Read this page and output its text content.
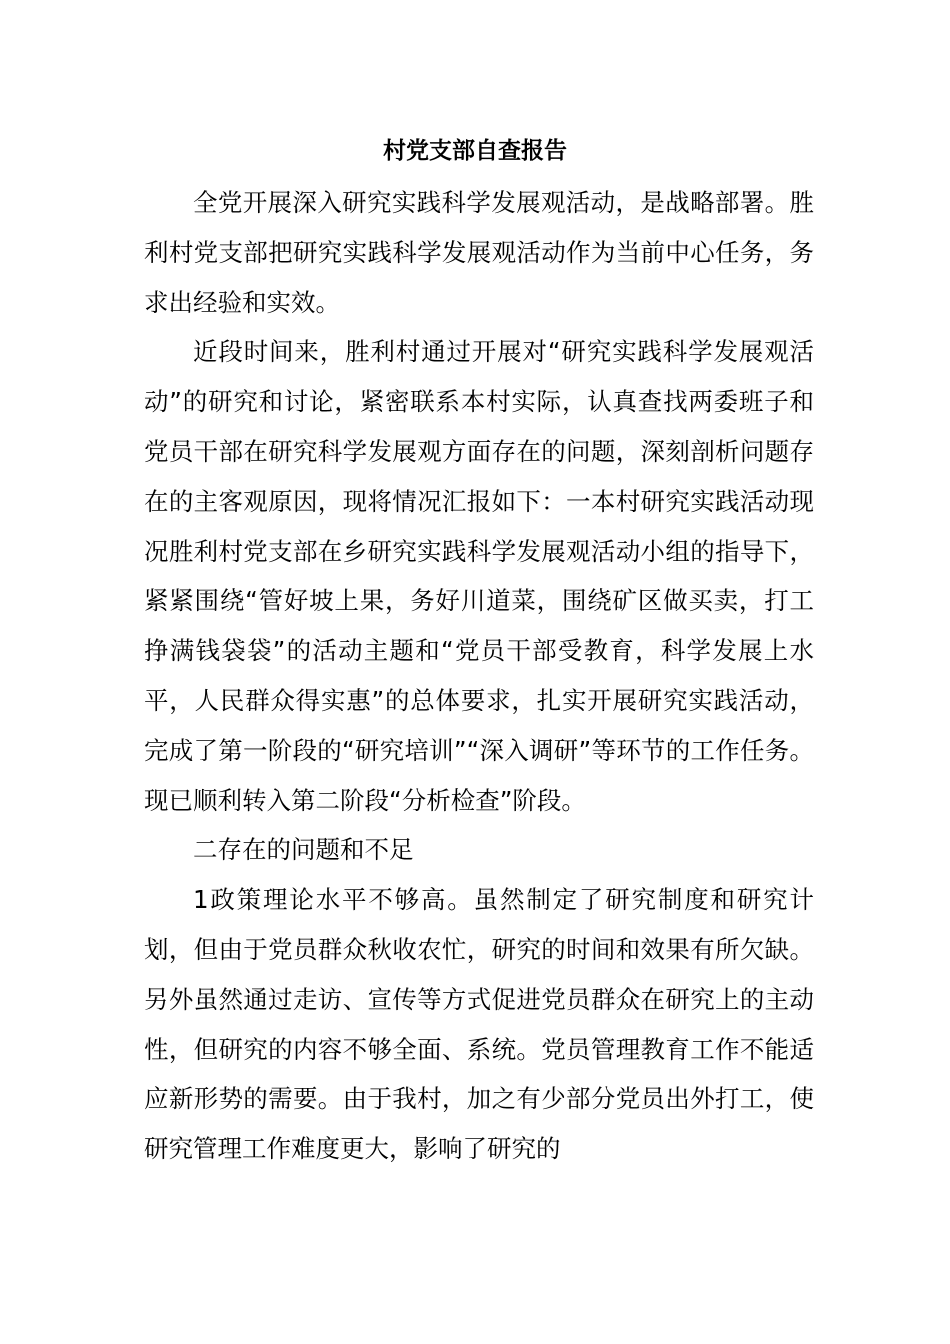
村党支部自查报告

全党开展深入研究实践科学发展观活动，是战略部署。胜利村党支部把研究实践科学发展观活动作为当前中心任务，务求出经验和实效。

近段时间来，胜利村通过开展对“研究实践科学发展观活动”的研究和讨论，紧密联系本村实际，认真查找两委班子和党员干部在研究科学发展观方面存在的问题，深刻剖析问题存在的主客观原因，现将情况汇报如下：一本村研究实践活动现况胜利村党支部在乡研究实践科学发展观活动小组的指导下，紧紧围绕“管好坡上果，务好川道菜，围绕矿区做买卖，打工挣满钱袋袋”的活动主题和“党员干部受教育，科学发展上水平，人民群众得实惠”的总体要求，扎实开展研究实践活动，完成了第一阶段的“研究培训”“深入调研”等环节的工作任务。现已顺利转入第二阶段“分析检查”阶段。

二存在的问题和不足

1政策理论水平不够高。虽然制定了研究制度和研究计划，但由于党员群众秋收农忙，研究的时间和效果有所欠缺。另外虽然通过走访、宣传等方式促进党员群众在研究上的主动性，但研究的内容不够全面、系统。党员管理教育工作不能适应新形势的需要。由于我村，加之有少部分党员出外打工，使研究管理工作难度更大，影响了研究的
